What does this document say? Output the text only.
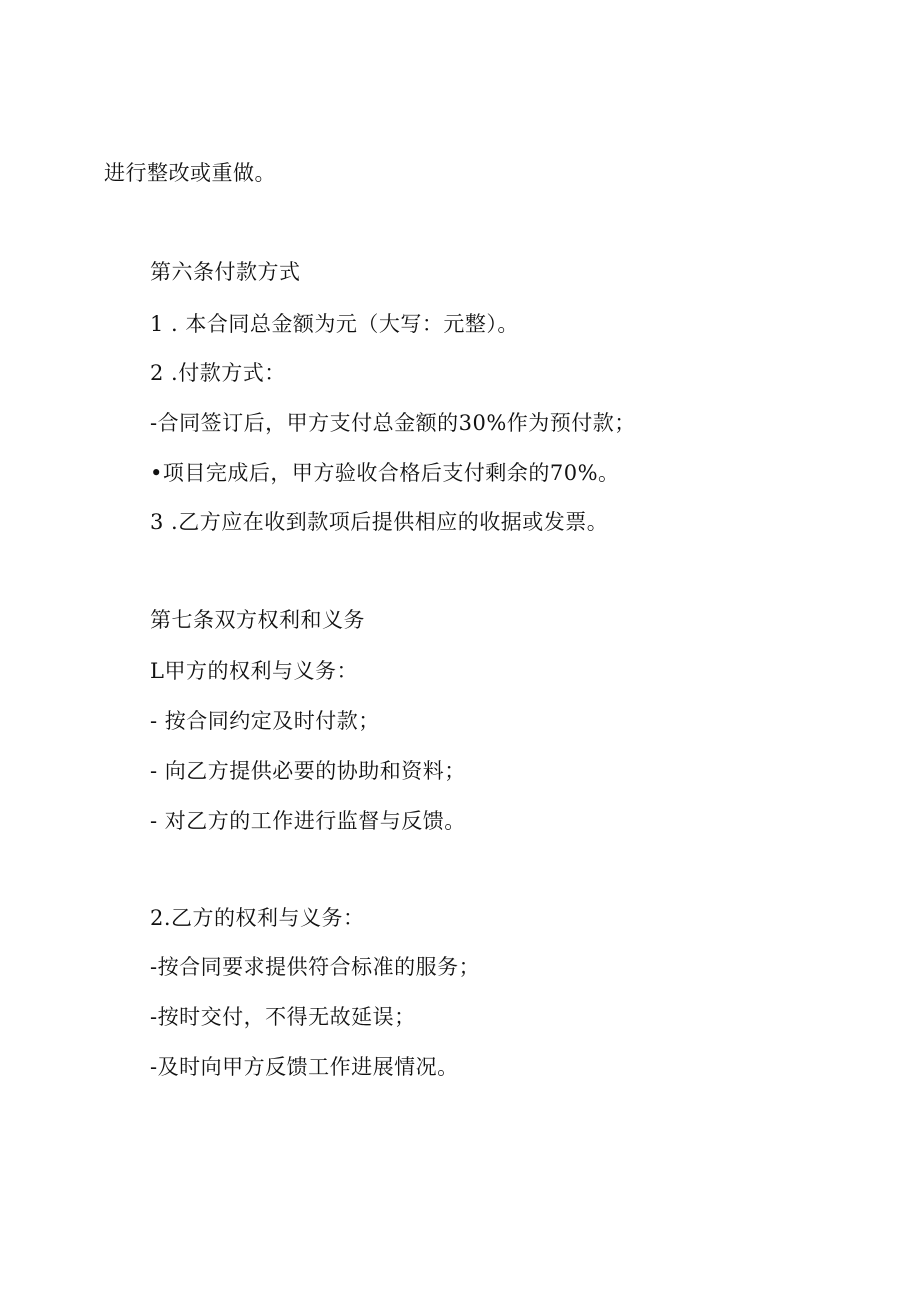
进行整改或重做。
第六条付款方式
1 . 本合同总金额为元（大写：元整）。
2 .付款方式：
-合同签订后，甲方支付总金额的30%作为预付款；
•项目完成后，甲方验收合格后支付剩余的70%。
3 .乙方应在收到款项后提供相应的收据或发票。
第七条双方权利和义务
L甲方的权利与义务：
- 按合同约定及时付款；
- 向乙方提供必要的协助和资料；
- 对乙方的工作进行监督与反馈。
2.乙方的权利与义务：
-按合同要求提供符合标准的服务；
-按时交付，不得无故延误；
-及时向甲方反馈工作进展情况。
